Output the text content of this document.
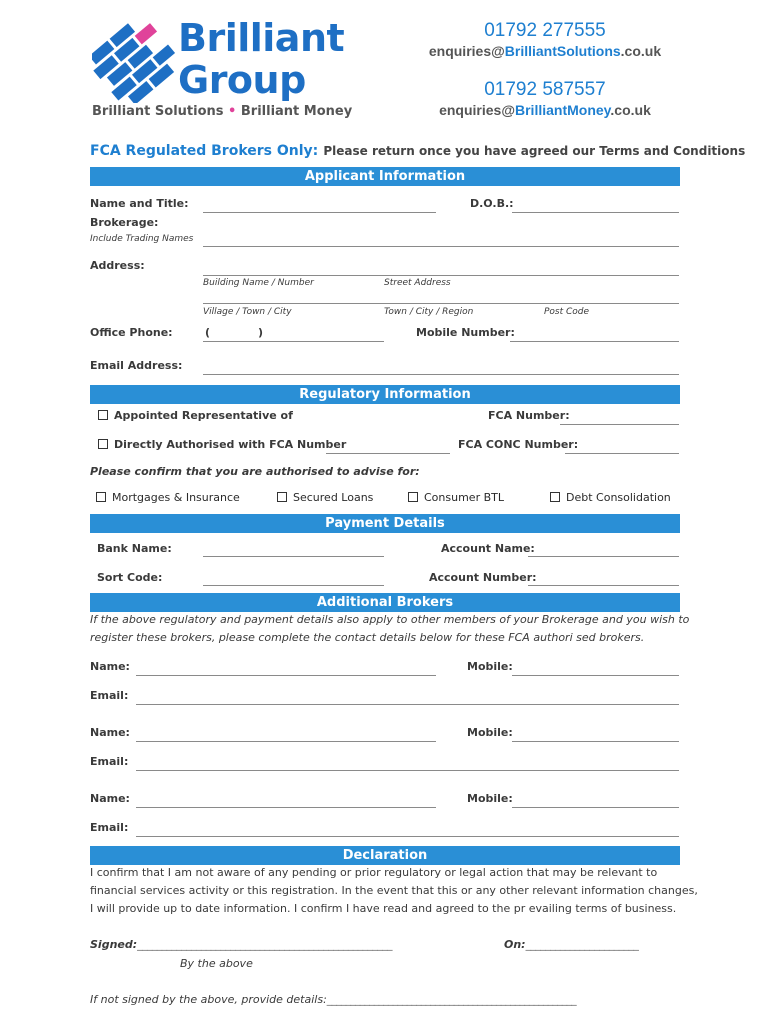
Brilliant
Group
Brilliant Solutions • Brilliant Money
01792 277555
enquiries@BrilliantSolutions.co.uk
01792 587557
enquiries@BrilliantMoney.co.uk
FCA Regulated Brokers Only: Please return once you have agreed our Terms and Conditions
Applicant Information
Name and Title:	D.O.B.:
Brokerage:
Include Trading Names
Address:
Building Name / Number	Street Address
Village / Town / City	Town / City / Region	Post Code
Office Phone:	(	)	Mobile Number:
Email Address:
Regulatory Information
Appointed Representative of	FCA Number:
Directly Authorised with FCA Number	FCA CONC Number:
Please confirm that you are authorised to advise for:
Mortgages & Insurance	Secured Loans	Consumer BTL	Debt Consolidation
Payment Details
Bank Name:	Account Name:
Sort Code:	Account Number:
Additional Brokers
If the above regulatory and payment details also apply to other members of your Brokerage and you wish to
register these brokers, please complete the contact details below for these FCA authori sed brokers.
Name:	Mobile:
Email:
Name:	Mobile:
Email:
Name:	Mobile:
Email:
Declaration
I confirm that I am not aware of any pending or prior regulatory or legal action that may be relevant to
financial services activity or this registration. In the event that this or any other relevant information changes,
I will provide up to date information. I confirm I have read and agreed to the pr evailing terms of business.
Signed:____________________________________________________	On:_______________________
By the above
If not signed by the above, provide details:_____________________________________________________
